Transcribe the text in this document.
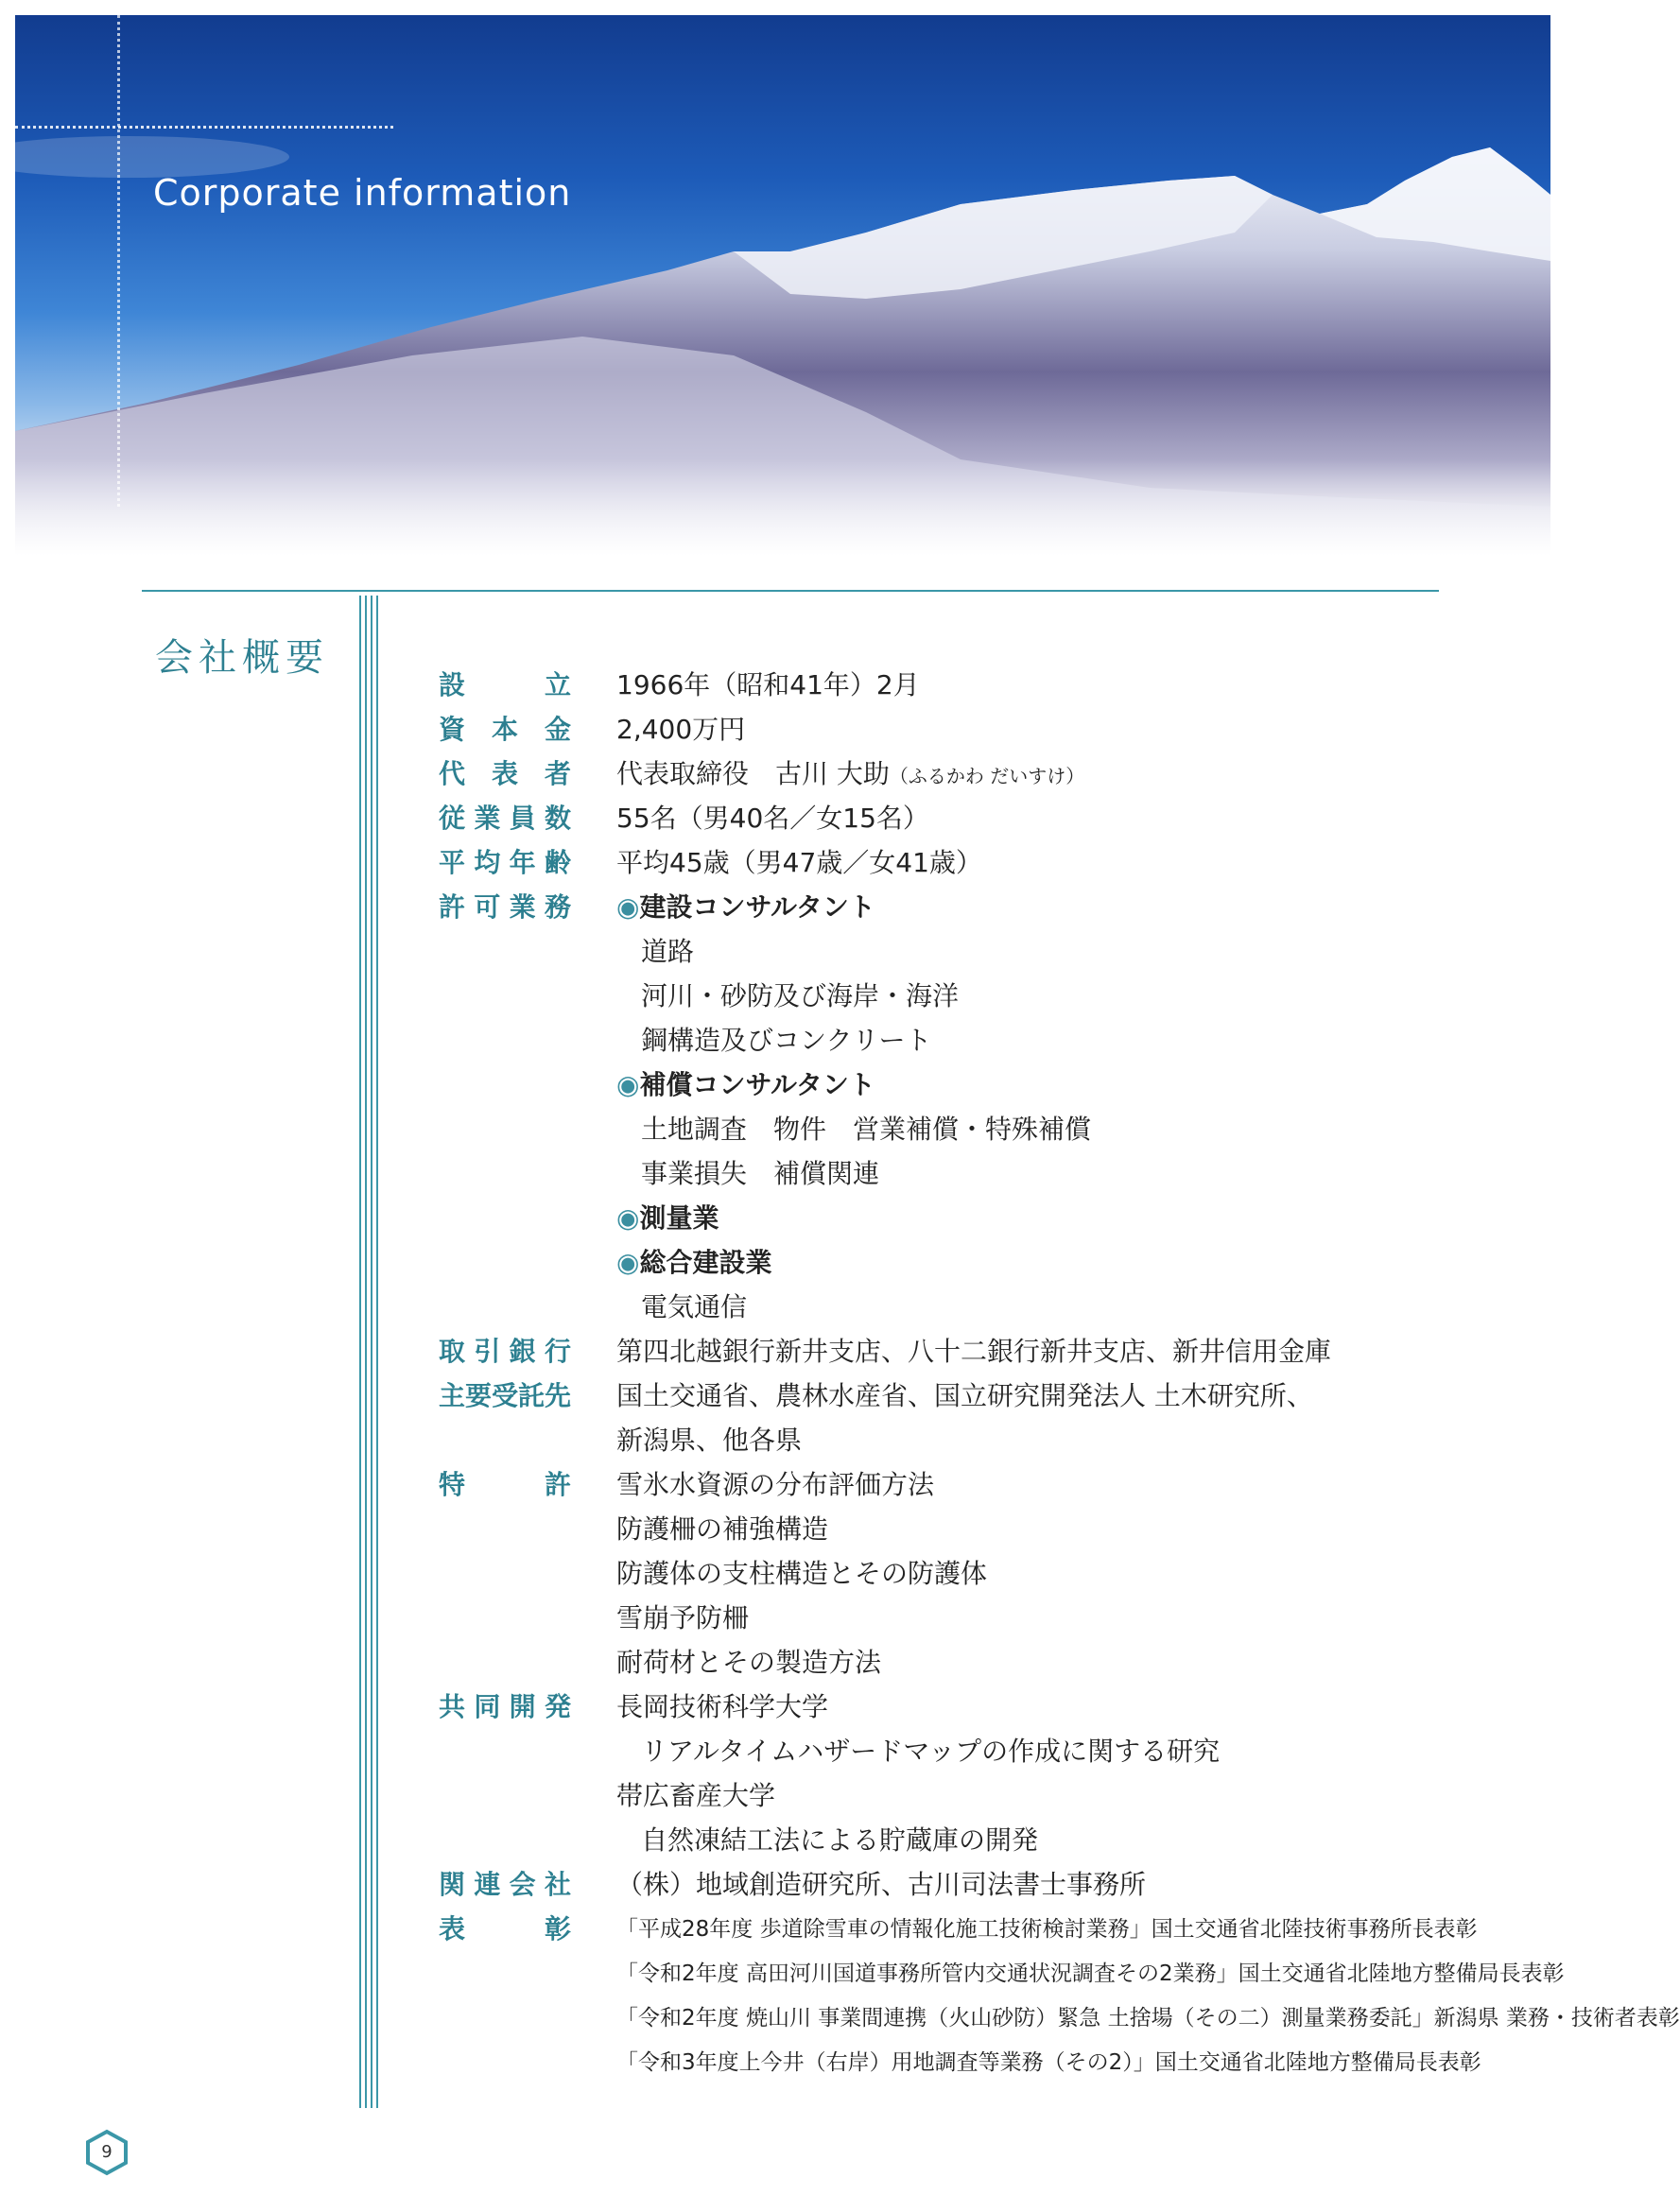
Corporate information
会社概要
設　　立 1966年（昭和41年）2月
資 本 金 2,400万円
代 表 者 代表取締役　古川 大助（ふるかわ だいすけ）
従業員数 55名（男40名／女15名）
平均年齢 平均45歳（男47歳／女41歳）
許可業務 ◉建設コンサルタント
道路
河川・砂防及び海岸・海洋
鋼構造及びコンクリート
◉補償コンサルタント
土地調査　物件　営業補償・特殊補償
事業損失　補償関連
◉測量業
◉総合建設業
電気通信
取引銀行 第四北越銀行新井支店、八十二銀行新井支店、新井信用金庫
主要受託先 国土交通省、農林水産省、国立研究開発法人 土木研究所、
新潟県、他各県
特　　許 雪氷水資源の分布評価方法
防護柵の補強構造
防護体の支柱構造とその防護体
雪崩予防柵
耐荷材とその製造方法
共同開発 長岡技術科学大学
リアルタイムハザードマップの作成に関する研究
帯広畜産大学
自然凍結工法による貯蔵庫の開発
関連会社 （株）地域創造研究所、古川司法書士事務所
表　　彰 「平成28年度 歩道除雪車の情報化施工技術検討業務」国土交通省北陸技術事務所長表彰
「令和2年度 高田河川国道事務所管内交通状況調査その2業務」国土交通省北陸地方整備局長表彰
「令和2年度 焼山川 事業間連携（火山砂防）緊急 土捨場（その二）測量業務委託」新潟県 業務・技術者表彰
「令和3年度上今井（右岸）用地調査等業務（その2）」国土交通省北陸地方整備局長表彰
9
